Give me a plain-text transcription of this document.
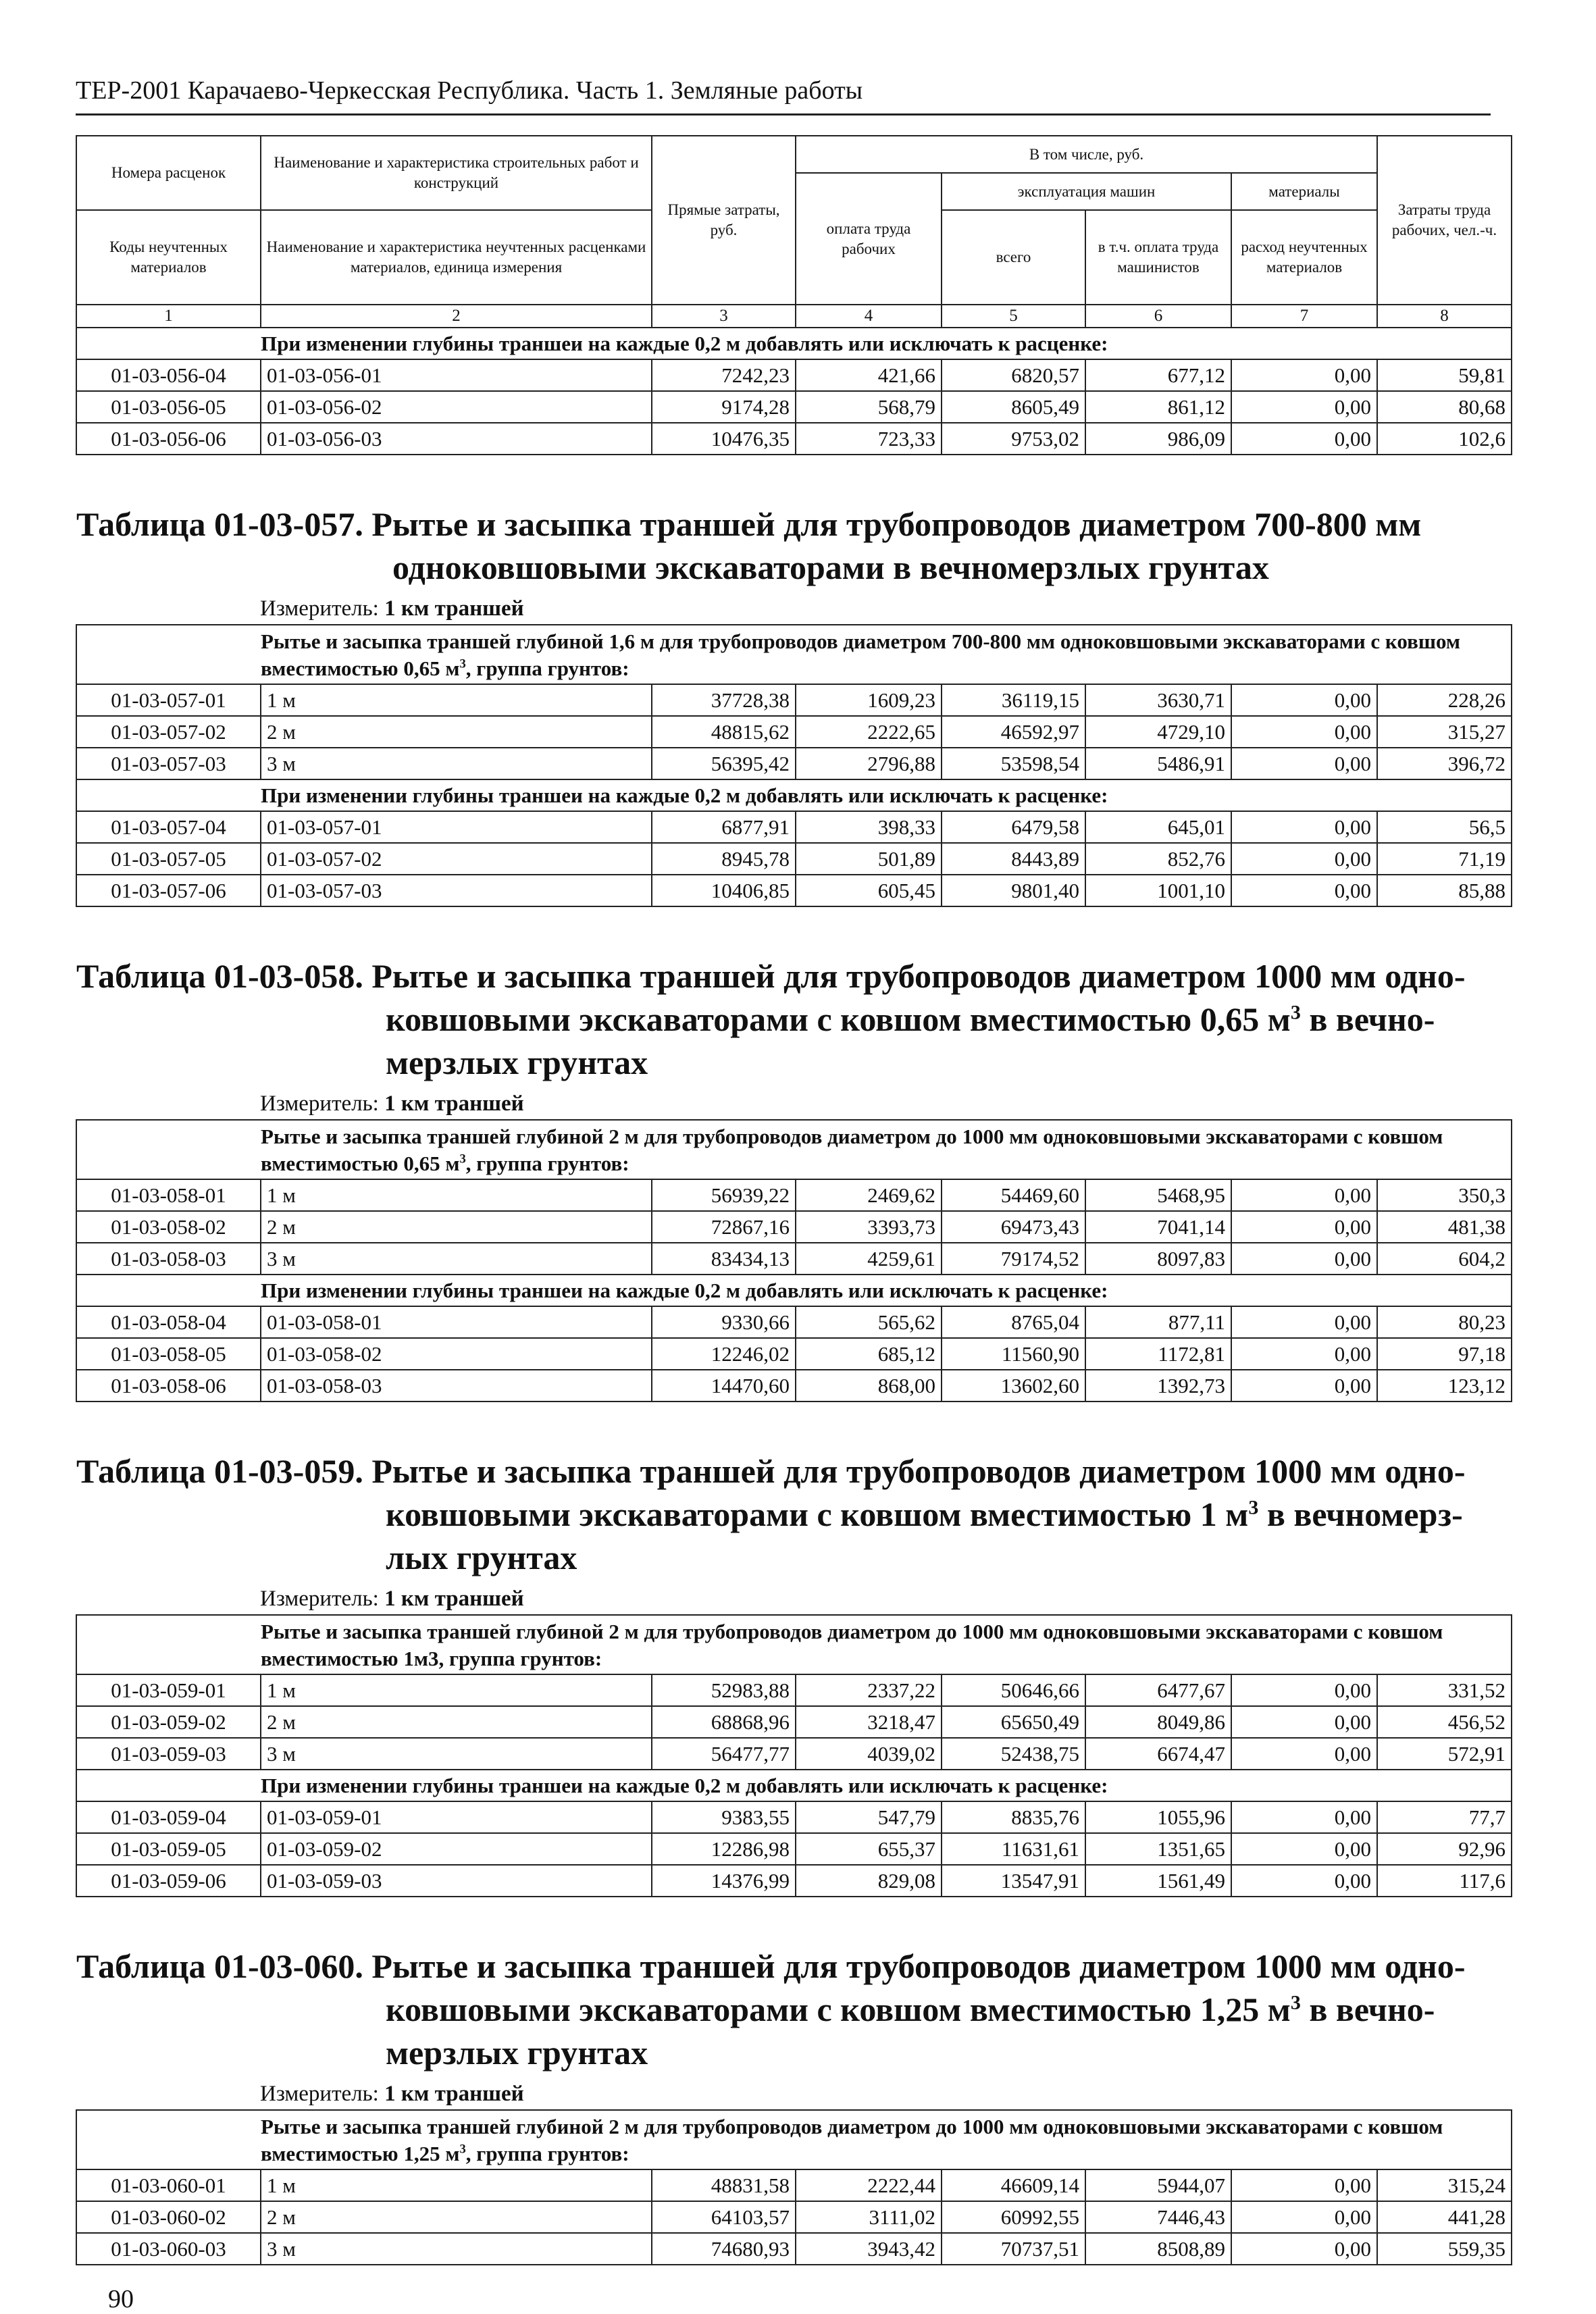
ТЕР-2001 Карачаево-Черкесская Республика. Часть 1. Земляные работы
Номера расценок	Наименование и характеристика строительных работ и конструкций	Прямые затраты, руб.	В том числе, руб.				Затраты труда рабочих, чел.-ч.
			оплата труда рабочих	эксплуатация машин		материалы	
Коды неучтенных материалов	Наименование и характеристика неучтенных расценками материалов, единица измерения			всего	в т.ч. оплата труда машинистов	расход неучтенных материалов	

1	2	3	4	5	6	7	8
При изменении глубины траншеи на каждые 0,2 м добавлять или исключать к расценке:							
01-03-056-04	01-03-056-01	7242,23	421,66	6820,57	677,12	0,00	59,81
01-03-056-05	01-03-056-02	9174,28	568,79	8605,49	861,12	0,00	80,68
01-03-056-06	01-03-056-03	10476,35	723,33	9753,02	986,09	0,00	102,6

Таблица 01-03-057. Рытье и засыпка траншей для трубопроводов диаметром 700-800 мм
одноковшовыми экскаваторами в вечномерзлых грунтах							

Измеритель: 1 км траншей							
Рытье и засыпка траншей глубиной 1,6 м для трубопроводов диаметром 700-800 мм одноковшовыми экскаваторами с ковшом вместимостью 0,65 $м^3$, группа грунтов:							
01-03-057-01	1 м	37728,38	1609,23	36119,15	3630,71	0,00	228,26
01-03-057-02	2 м	48815,62	2222,65	46592,97	4729,10	0,00	315,27
01-03-057-03	3 м	56395,42	2796,88	53598,54	5486,91	0,00	396,72
При изменении глубины траншеи на каждые 0,2 м добавлять или исключать к расценке:							
01-03-057-04	01-03-057-01	6877,91	398,33	6479,58	645,01	0,00	56,5
01-03-057-05	01-03-057-02	8945,78	501,89	8443,89	852,76	0,00	71,19
01-03-057-06	01-03-057-03	10406,85	605,45	9801,40	1001,10	0,00	85,88

Таблица 01-03-058. Рытье и засыпка траншей для трубопроводов диаметром 1000 мм одно-
ковшовыми экскаваторами с ковшом вместимостью 0,65 $м^3$ в вечно-
мерзлых грунтах							

Измеритель: 1 км траншей							
Рытье и засыпка траншей глубиной 2 м для трубопроводов диаметром до 1000 мм одноковшовыми экскаваторами с ковшом вместимостью 0,65 $м^3$, группа грунтов:							
01-03-058-01	1 м	56939,22	2469,62	54469,60	5468,95	0,00	350,3
01-03-058-02	2 м	72867,16	3393,73	69473,43	7041,14	0,00	481,38
01-03-058-03	3 м	83434,13	4259,61	79174,52	8097,83	0,00	604,2
При изменении глубины траншеи на каждые 0,2 м добавлять или исключать к расценке:							
01-03-058-04	01-03-058-01	9330,66	565,62	8765,04	877,11	0,00	80,23
01-03-058-05	01-03-058-02	12246,02	685,12	11560,90	1172,81	0,00	97,18
01-03-058-06	01-03-058-03	14470,60	868,00	13602,60	1392,73	0,00	123,12

Таблица 01-03-059. Рытье и засыпка траншей для трубопроводов диаметром 1000 мм одно-
ковшовыми экскаваторами с ковшом вместимостью 1 $м^3$ в вечномерз-
лых грунтах							

Измеритель: 1 км траншей							
Рытье и засыпка траншей глубиной 2 м для трубопроводов диаметром до 1000 мм одноковшовыми экскаваторами с ковшом вместимостью 1м3, группа грунтов:							
01-03-059-01	1 м	52983,88	2337,22	50646,66	6477,67	0,00	331,52
01-03-059-02	2 м	68868,96	3218,47	65650,49	8049,86	0,00	456,52
01-03-059-03	3 м	56477,77	4039,02	52438,75	6674,47	0,00	572,91
При изменении глубины траншеи на каждые 0,2 м добавлять или исключать к расценке:							
01-03-059-04	01-03-059-01	9383,55	547,79	8835,76	1055,96	0,00	77,7
01-03-059-05	01-03-059-02	12286,98	655,37	11631,61	1351,65	0,00	92,96
01-03-059-06	01-03-059-03	14376,99	829,08	13547,91	1561,49	0,00	117,6

Таблица 01-03-060. Рытье и засыпка траншей для трубопроводов диаметром 1000 мм одно-
ковшовыми экскаваторами с ковшом вместимостью 1,25 $м^3$ в вечно-
мерзлых грунтах							

Измеритель: 1 км траншей							
Рытье и засыпка траншей глубиной 2 м для трубопроводов диаметром до 1000 мм одноковшовыми экскаваторами с ковшом вместимостью 1,25 $м^3$, группа грунтов:							
01-03-060-01	1 м	48831,58	2222,44	46609,14	5944,07	0,00	315,24
01-03-060-02	2 м	64103,57	3111,02	60992,55	7446,43	0,00	441,28
01-03-060-03	3 м	74680,93	3943,42	70737,51	8508,89	0,00	559,35
90
